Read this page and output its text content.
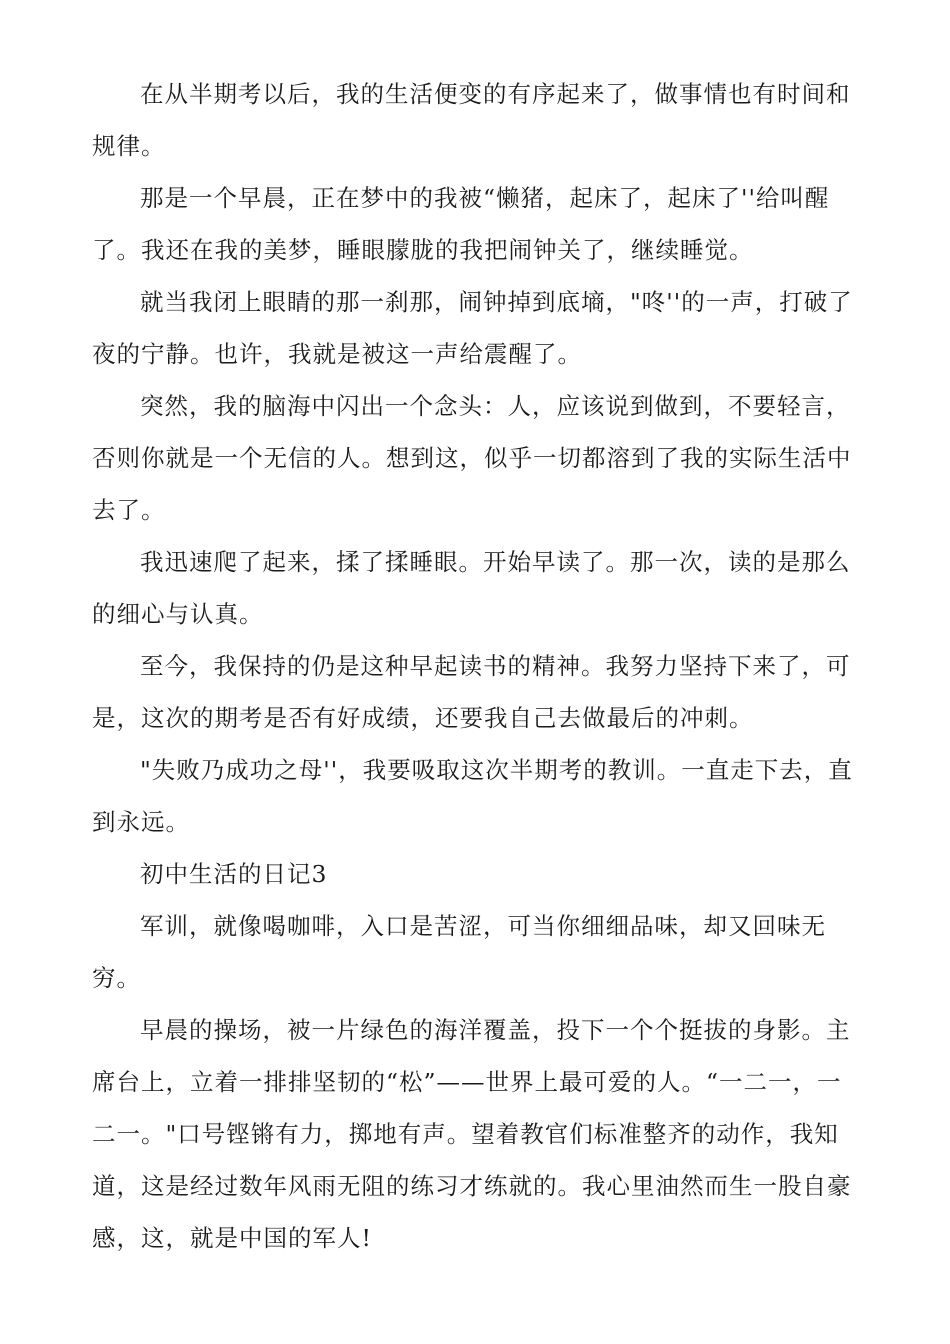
在从半期考以后，我的生活便变的有序起来了，做事情也有时间和规律。

那是一个早晨，正在梦中的我被“懒猪，起床了，起床了''给叫醒了。我还在我的美梦，睡眼朦胧的我把闹钟关了，继续睡觉。

就当我闭上眼睛的那一刹那，闹钟掉到底墒，"咚''的一声，打破了夜的宁静。也许，我就是被这一声给震醒了。

突然，我的脑海中闪出一个念头：人，应该说到做到，不要轻言，否则你就是一个无信的人。想到这，似乎一切都溶到了我的实际生活中去了。

我迅速爬了起来，揉了揉睡眼。开始早读了。那一次，读的是那么的细心与认真。

至今，我保持的仍是这种早起读书的精神。我努力坚持下来了，可是，这次的期考是否有好成绩，还要我自己去做最后的冲刺。

"失败乃成功之母''，我要吸取这次半期考的教训。一直走下去，直到永远。

初中生活的日记3

军训，就像喝咖啡，入口是苦涩，可当你细细品味，却又回味无穷。

早晨的操场，被一片绿色的海洋覆盖，投下一个个挺拔的身影。主席台上，立着一排排坚韧的“松”——世界上最可爱的人。“一二一，一二一。"口号铿锵有力，掷地有声。望着教官们标准整齐的动作，我知道，这是经过数年风雨无阻的练习才练就的。我心里油然而生一股自豪感，这，就是中国的军人!
